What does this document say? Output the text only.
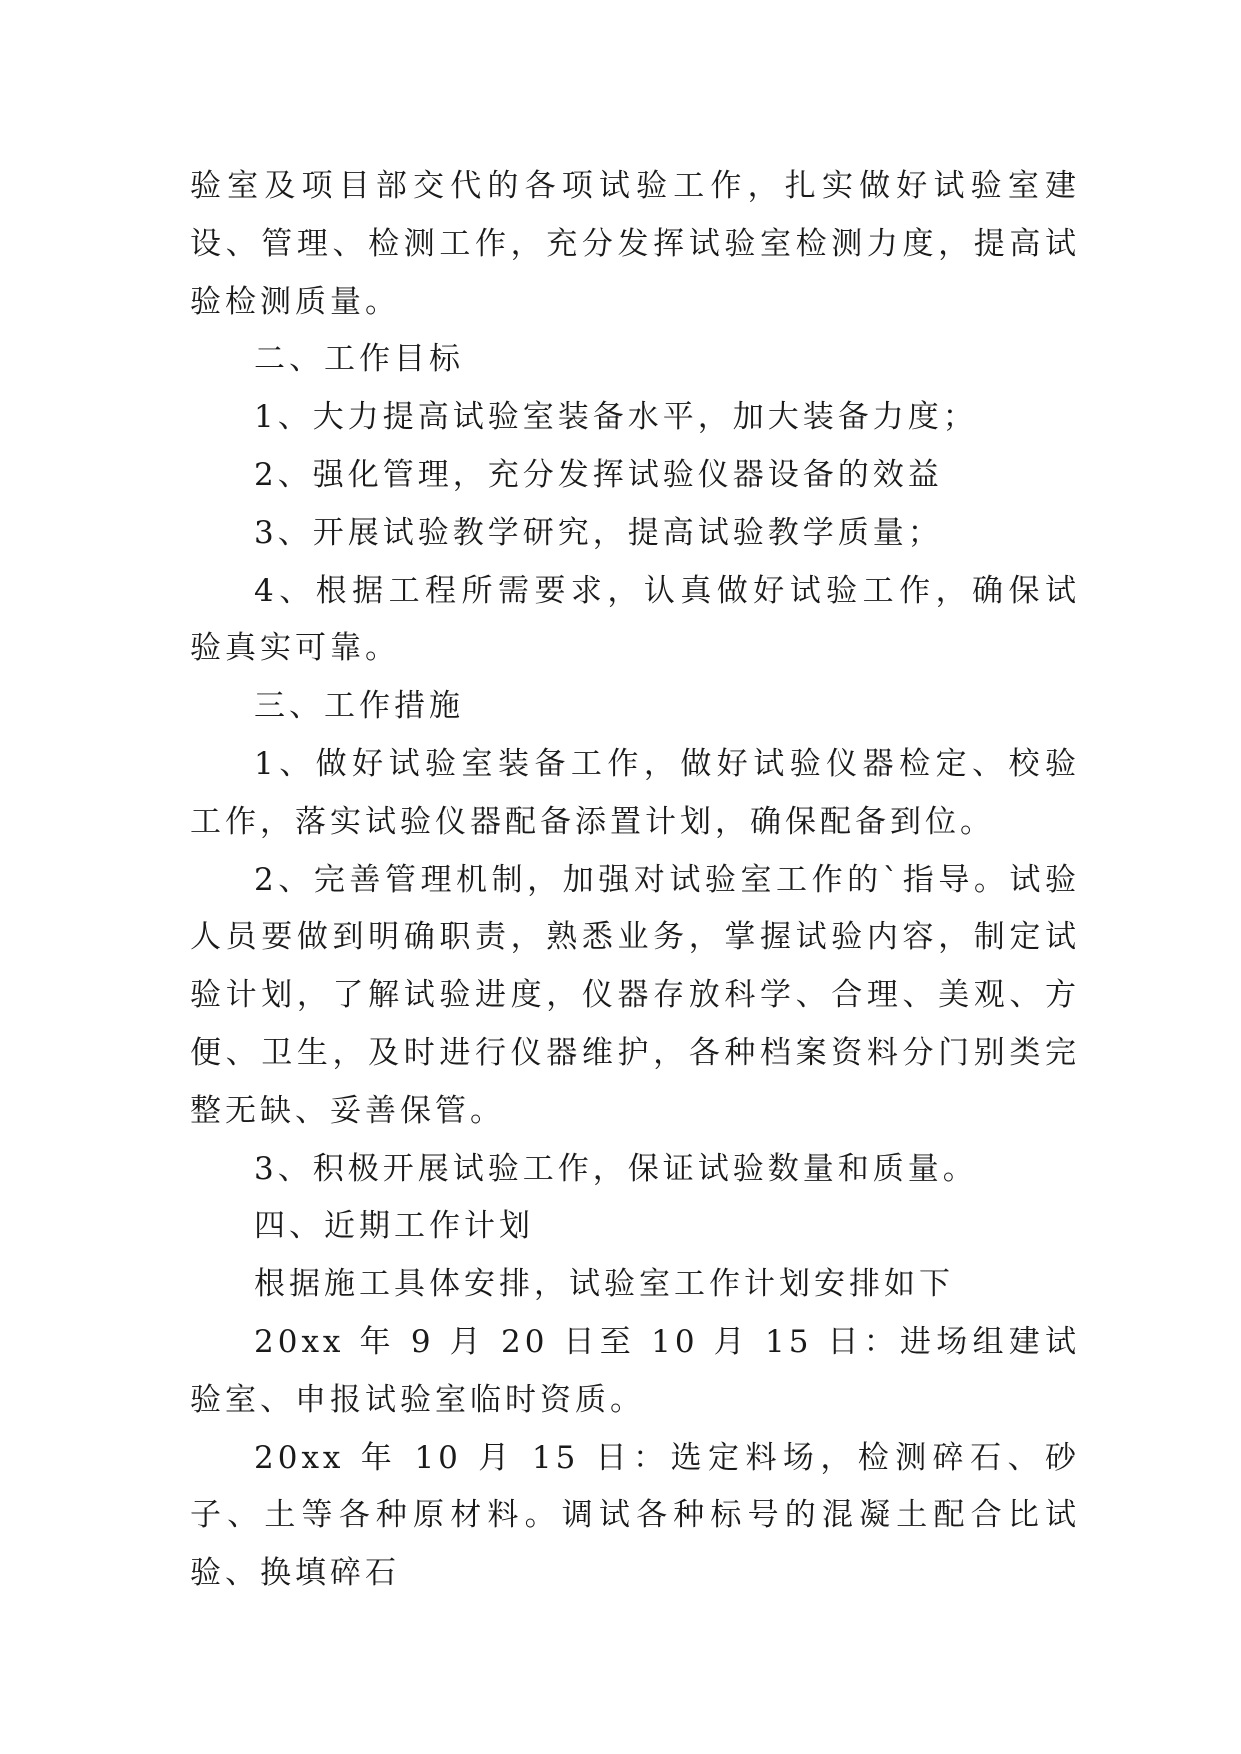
验室及项目部交代的各项试验工作，扎实做好试验室建设、管理、检测工作，充分发挥试验室检测力度，提高试验检测质量。

二、工作目标

1、大力提高试验室装备水平，加大装备力度；

2、强化管理，充分发挥试验仪器设备的效益

3、开展试验教学研究，提高试验教学质量；

4、根据工程所需要求，认真做好试验工作，确保试验真实可靠。

三、工作措施

1、做好试验室装备工作，做好试验仪器检定、校验工作，落实试验仪器配备添置计划，确保配备到位。

2、完善管理机制，加强对试验室工作的`指导。试验人员要做到明确职责，熟悉业务，掌握试验内容，制定试验计划，了解试验进度，仪器存放科学、合理、美观、方便、卫生，及时进行仪器维护，各种档案资料分门别类完整无缺、妥善保管。

3、积极开展试验工作，保证试验数量和质量。

四、近期工作计划

根据施工具体安排，试验室工作计划安排如下

20xx 年 9 月 20 日至 10 月 15 日：进场组建试验室、申报试验室临时资质。

20xx 年 10 月 15 日：选定料场，检测碎石、砂子、土等各种原材料。调试各种标号的混凝土配合比试验、换填碎石
